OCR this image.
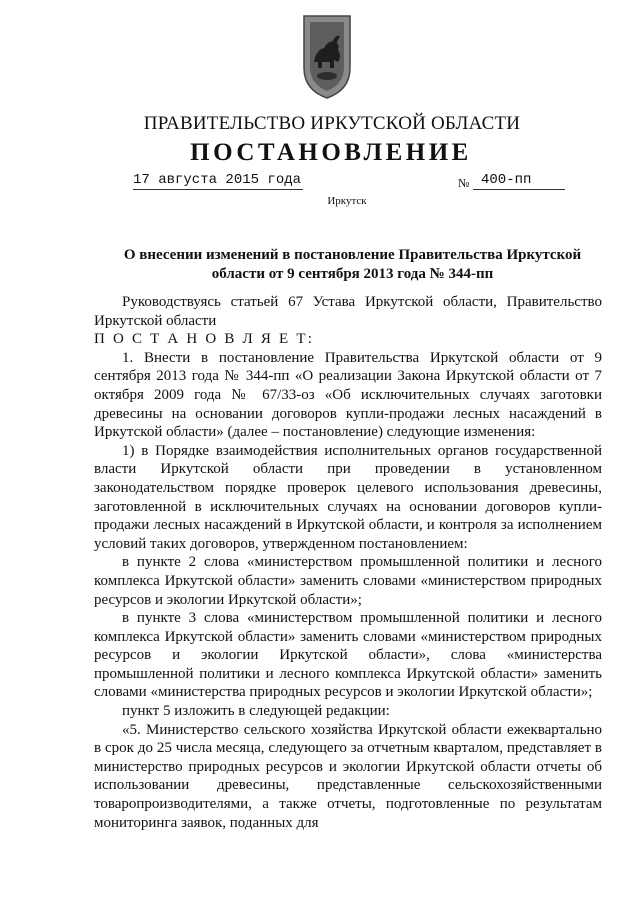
ПРАВИТЕЛЬСТВО ИРКУТСКОЙ ОБЛАСТИ
ПОСТАНОВЛЕНИЕ
17 августа 2015 года	№ 400-пп
Иркутск
О внесении изменений в постановление Правительства Иркутской области от 9 сентября 2013 года № 344-пп

Руководствуясь статьей 67 Устава Иркутской области, Правительство Иркутской области

П О С Т А Н О В Л Я Е Т:

1. Внести в постановление Правительства Иркутской области от 9 сентября 2013 года № 344-пп «О реализации Закона Иркутской области от 7 октября 2009 года № 67/33-оз «Об исключительных случаях заготовки древесины на основании договоров купли-продажи лесных насаждений в Иркутской области» (далее – постановление) следующие изменения:

1) в Порядке взаимодействия исполнительных органов государственной власти Иркутской области при проведении в установленном законодательством порядке проверок целевого использования древесины, заготовленной в исключительных случаях на основании договоров купли-продажи лесных насаждений в Иркутской области, и контроля за исполнением условий таких договоров, утвержденном постановлением:

в пункте 2 слова «министерством промышленной политики и лесного комплекса Иркутской области» заменить словами «министерством природных ресурсов и экологии Иркутской области»;

в пункте 3 слова «министерством промышленной политики и лесного комплекса Иркутской области» заменить словами «министерством природных ресурсов и экологии Иркутской области», слова «министерства промышленной политики и лесного комплекса Иркутской области» заменить словами «министерства природных ресурсов и экологии Иркутской области»;

пункт 5 изложить в следующей редакции:

«5. Министерство сельского хозяйства Иркутской области ежеквартально в срок до 25 числа месяца, следующего за отчетным кварталом, представляет в министерство природных ресурсов и экологии Иркутской области отчеты об использовании древесины, представленные сельскохозяйственными товаропроизводителями, а также отчеты, подготовленные по результатам мониторинга заявок, поданных для
